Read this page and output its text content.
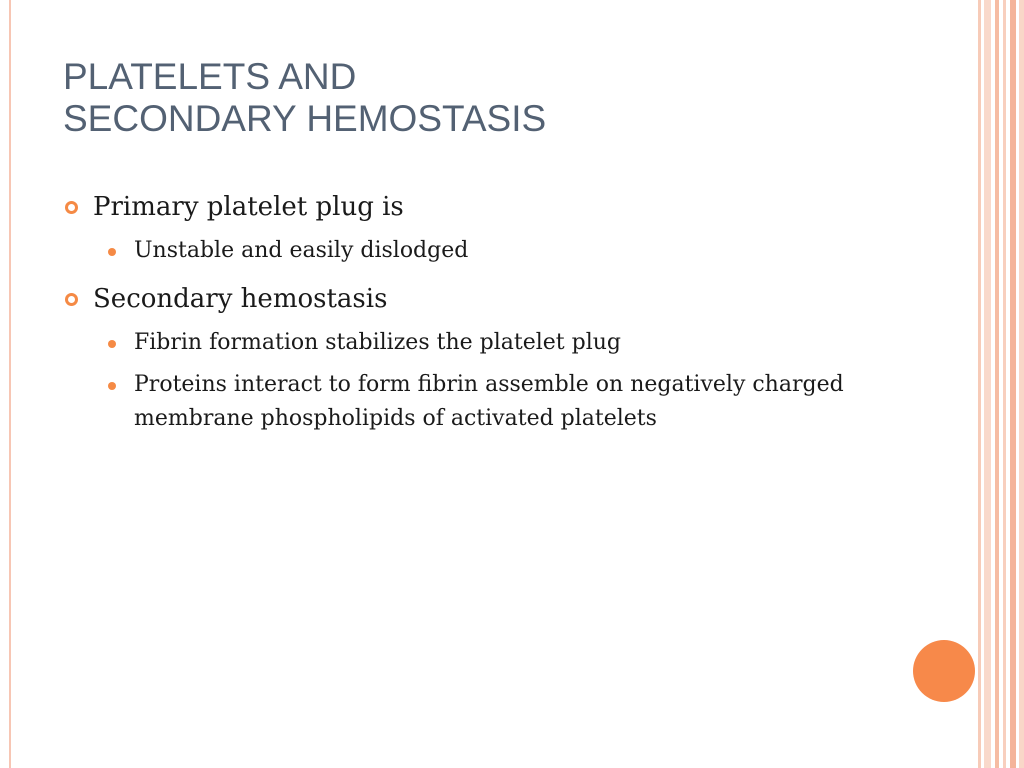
PLATELETS AND
SECONDARY HEMOSTASIS
Primary platelet plug is
Unstable and easily dislodged
Secondary hemostasis
Fibrin formation stabilizes the platelet plug
Proteins interact to form fibrin assemble on negatively charged membrane phospholipids of activated platelets
